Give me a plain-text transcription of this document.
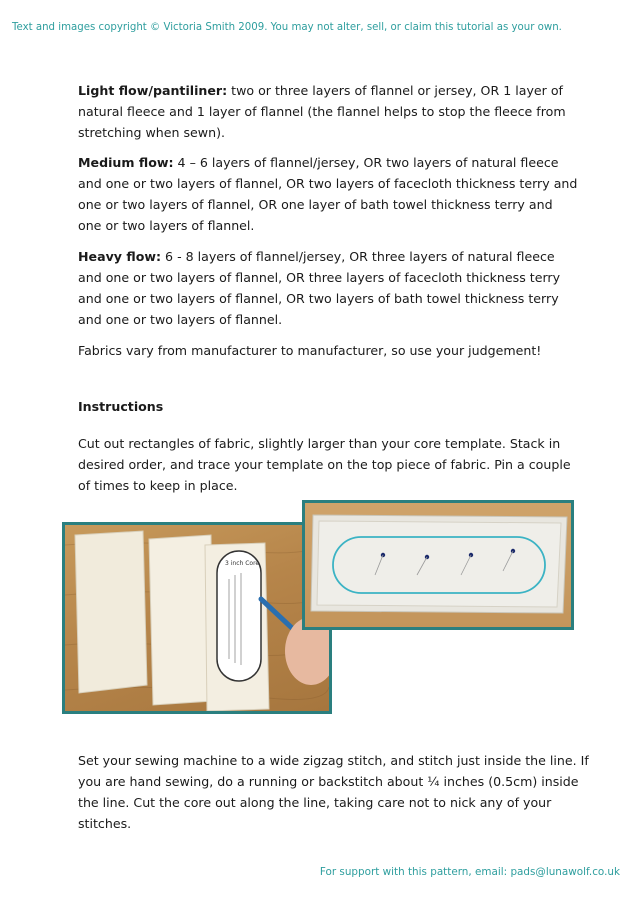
Text and images copyright © Victoria Smith 2009. You may not alter, sell, or claim this tutorial as your own.

Light flow/pantiliner: two or three layers of flannel or jersey, OR 1 layer of natural fleece and 1 layer of flannel (the flannel helps to stop the fleece from stretching when sewn).

Medium flow: 4 – 6 layers of flannel/jersey, OR two layers of natural fleece and one or two layers of flannel, OR two layers of facecloth thickness terry and one or two layers of flannel, OR one layer of bath towel thickness terry and one or two layers of flannel.

Heavy flow: 6 - 8 layers of flannel/jersey, OR three layers of natural fleece and one or two layers of flannel, OR three layers of facecloth thickness terry and one or two layers of flannel, OR two layers of bath towel thickness terry and one or two layers of flannel.

Fabrics vary from manufacturer to manufacturer, so use your judgement!

Instructions

Cut out rectangles of fabric, slightly larger than your core template. Stack in desired order, and trace your template on the top piece of fabric. Pin a couple of times to keep in place.

3 inch Core

Set your sewing machine to a wide zigzag stitch, and stitch just inside the line. If you are hand sewing, do a running or backstitch about ¼ inches (0.5cm) inside the line. Cut the core out along the line, taking care not to nick any of your stitches.

For support with this pattern, email: pads@lunawolf.co.uk
